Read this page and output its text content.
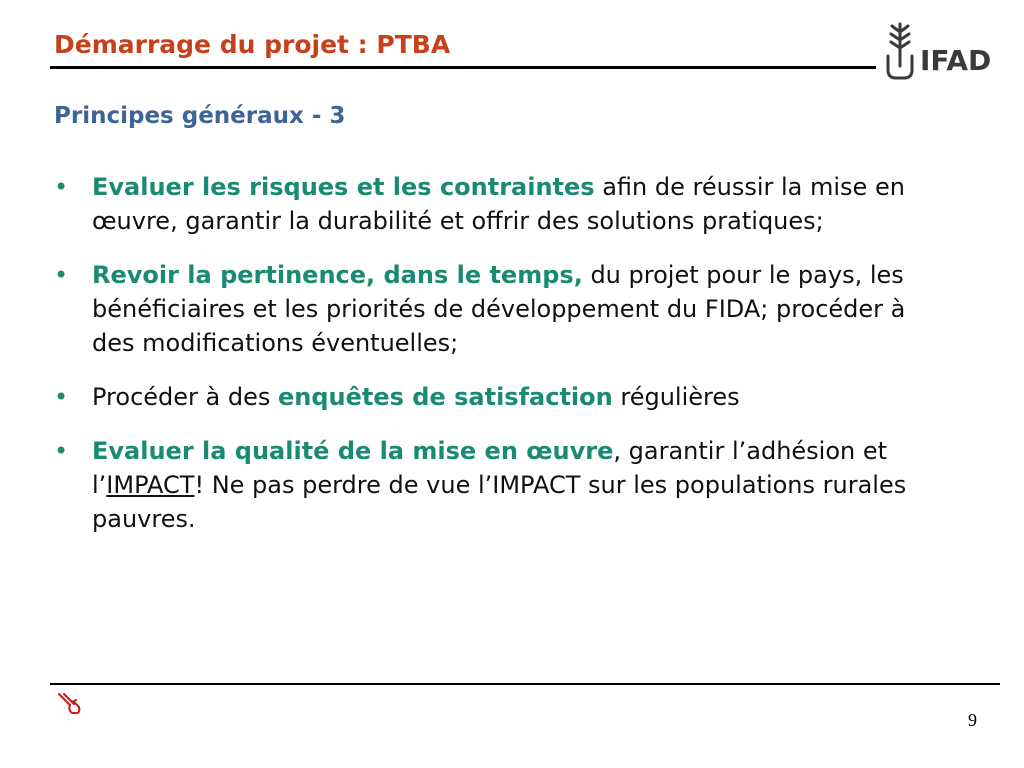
Démarrage du projet : PTBA	IFAD
Principes généraux - 3
• Evaluer les risques et les contraintes afin de réussir la mise en œuvre, garantir la durabilité et offrir des solutions pratiques;
• Revoir la pertinence, dans le temps, du projet pour le pays, les bénéficiaires et les priorités de développement du FIDA; procéder à des modifications éventuelles;
• Procéder à des enquêtes de satisfaction régulières
• Evaluer la qualité de la mise en œuvre, garantir l’adhésion et l’IMPACT! Ne pas perdre de vue l’IMPACT sur les populations rurales pauvres.
9
